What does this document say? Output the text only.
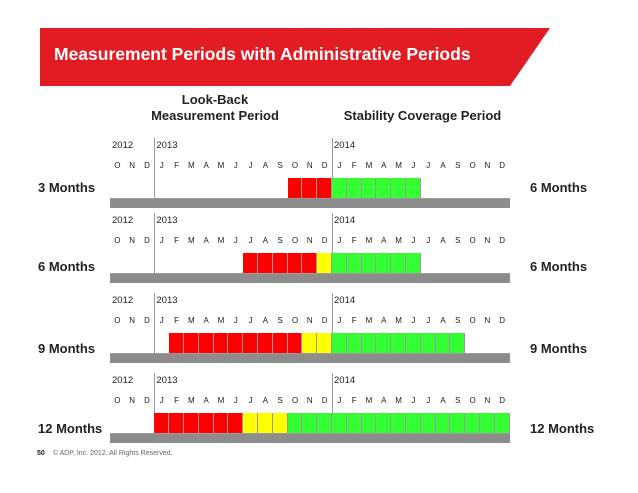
Measurement Periods with Administrative Periods
Look-Back
Measurement Period	Stability Coverage Period
2012 2013	2014
O	N	D	J	F	M	A	M	J	J	A	S	O	N	D	J	F	M	A	M	J	J	A	S	O	N	D
3 Months	6 Months
2012 2013	2014
O	N	D	J	F	M	A	M	J	J	A	S	O	N	D	J	F	M	A	M	J	J	A	S	O	N	D
6 Months	6 Months
2012 2013	2014
O	N	D	J	F	M	A	M	J	J	A	S	O	N	D	J	F	M	A	M	J	J	A	S	O	N	D
9 Months	9 Months
2012 2013	2014
O	N	D	J	F	M	A	M	J	J	A	S	O	N	D	J	F	M	A	M	J	J	A	S	O	N	D
12 Months	12 Months
50 © ADP, Inc. 2012. All Rights Reserved.
